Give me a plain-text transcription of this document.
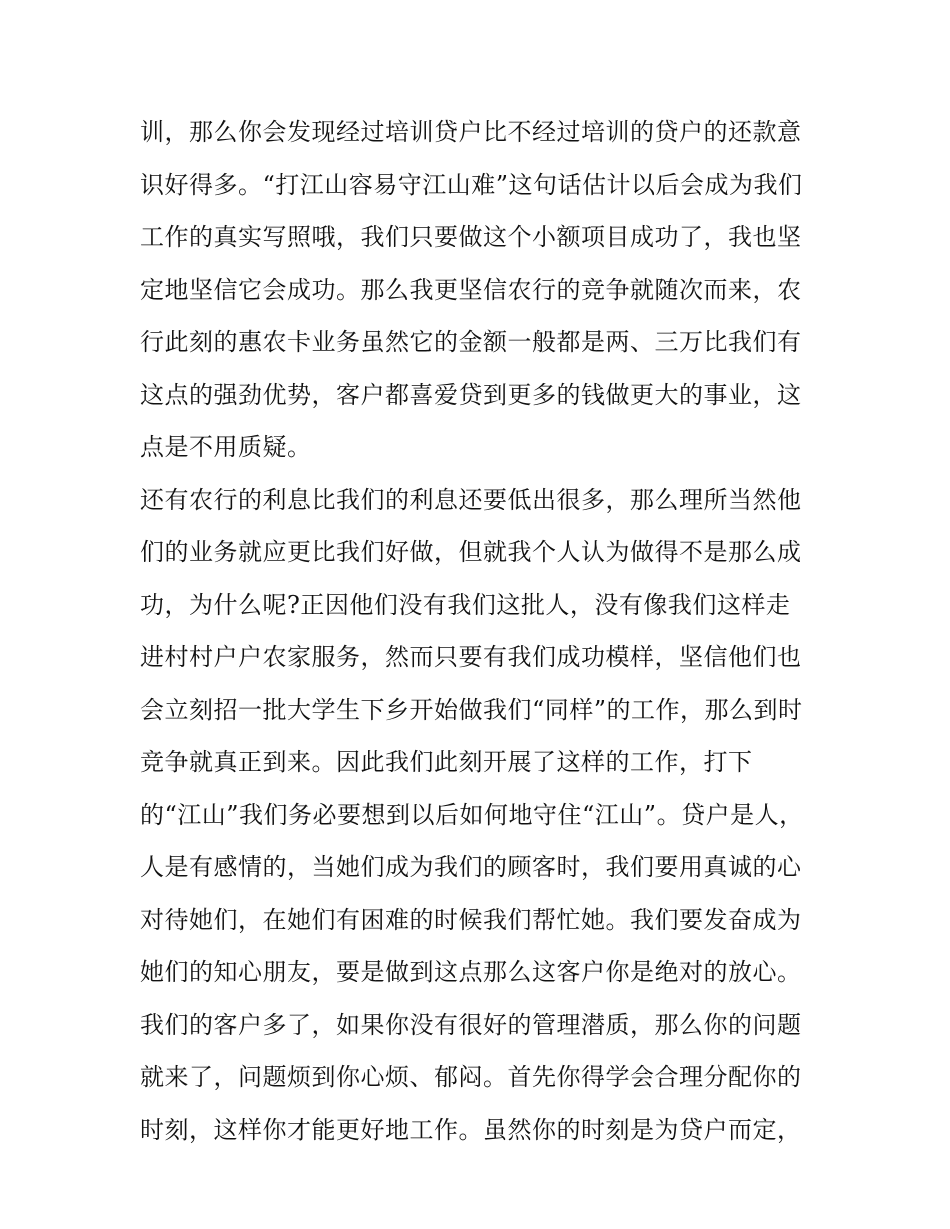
训，那么你会发现经过培训贷户比不经过培训的贷户的还款意
识好得多。“打江山容易守江山难”这句话估计以后会成为我们
工作的真实写照哦，我们只要做这个小额项目成功了，我也坚
定地坚信它会成功。那么我更坚信农行的竞争就随次而来，农
行此刻的惠农卡业务虽然它的金额一般都是两、三万比我们有
这点的强劲优势，客户都喜爱贷到更多的钱做更大的事业，这
点是不用质疑。
还有农行的利息比我们的利息还要低出很多，那么理所当然他
们的业务就应更比我们好做，但就我个人认为做得不是那么成
功，为什么呢?正因他们没有我们这批人，没有像我们这样走
进村村户户农家服务，然而只要有我们成功模样，坚信他们也
会立刻招一批大学生下乡开始做我们“同样”的工作，那么到时
竞争就真正到来。因此我们此刻开展了这样的工作，打下
的“江山”我们务必要想到以后如何地守住“江山”。贷户是人，
人是有感情的，当她们成为我们的顾客时，我们要用真诚的心
对待她们，在她们有困难的时候我们帮忙她。我们要发奋成为
她们的知心朋友，要是做到这点那么这客户你是绝对的放心。
我们的客户多了，如果你没有很好的管理潜质，那么你的问题
就来了，问题烦到你心烦、郁闷。首先你得学会合理分配你的
时刻，这样你才能更好地工作。虽然你的时刻是为贷户而定，
